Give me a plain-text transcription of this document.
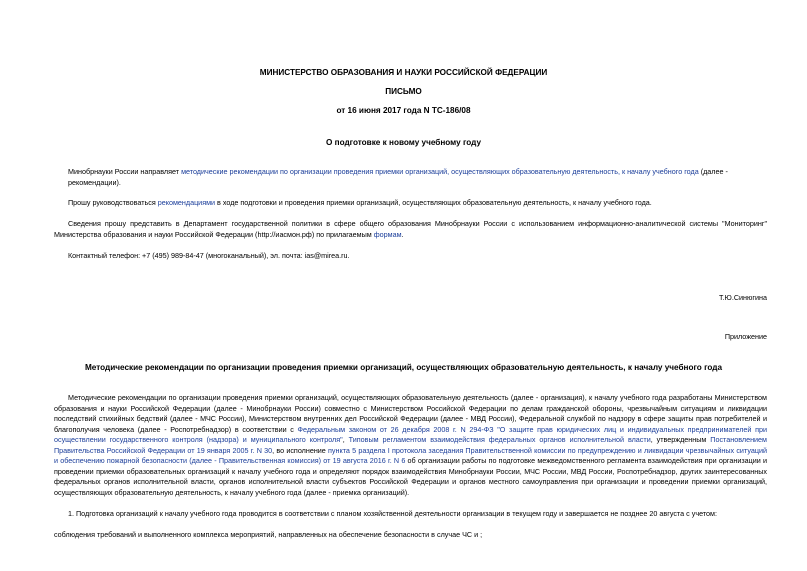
МИНИСТЕРСТВО ОБРАЗОВАНИЯ И НАУКИ РОССИЙСКОЙ ФЕДЕРАЦИИ
ПИСЬМО
от 16 июня 2017 года N ТС-186/08
О подготовке к новому учебному году

Минобрнауки России направляет методические рекомендации по организации проведения приемки организаций, осуществляющих образовательную деятельность, к началу учебного года (далее - рекомендации).

Прошу руководствоваться рекомендациями в ходе подготовки и проведения приемки организаций, осуществляющих образовательную деятельность, к началу учебного года.

Сведения прошу представить в Департамент государственной политики в сфере общего образования Минобрнауки России с использованием информационно-аналитической системы "Мониторинг" Министерства образования и науки Российской Федерации (http://иасмон.рф) по прилагаемым формам.

Контактный телефон: +7 (495) 989-84-47 (многоканальный), эл. почта: ias@mirea.ru.

Т.Ю.Синюгина
Приложение
Методические рекомендации по организации проведения приемки организаций, осуществляющих образовательную деятельность, к началу учебного года

Методические рекомендации по организации проведения приемки организаций, осуществляющих образовательную деятельность (далее - организация), к началу учебного года разработаны Министерством образования и науки Российской Федерации (далее - Минобрнауки России) совместно с Министерством Российской Федерации по делам гражданской обороны, чрезвычайным ситуациям и ликвидации последствий стихийных бедствий (далее - МЧС России), Министерством внутренних дел Российской Федерации (далее - МВД России), Федеральной службой по надзору в сфере защиты прав потребителей и благополучия человека (далее - Роспотребнадзор) в соответствии с Федеральным законом от 26 декабря 2008 г. N 294-ФЗ "О защите прав юридических лиц и индивидуальных предпринимателей при осуществлении государственного контроля (надзора) и муниципального контроля", Типовым регламентом взаимодействия федеральных органов исполнительной власти, утвержденным Постановлением Правительства Российской Федерации от 19 января 2005 г. N 30, во исполнение пункта 5 раздела I протокола заседания Правительственной комиссии по предупреждению и ликвидации чрезвычайных ситуаций и обеспечению пожарной безопасности (далее - Правительственная комиссия) от 19 августа 2016 г. N 6 об организации работы по подготовке межведомственного регламента взаимодействия при организации и проведении приемки образовательных организаций к началу учебного года и определяют порядок взаимодействия Минобрнауки России, МЧС России, МВД России, Роспотребнадзор, других заинтересованных федеральных органов исполнительной власти, органов исполнительной власти субъектов Российской Федерации и органов местного самоуправления при организации и проведении приемки организаций, осуществляющих образовательную деятельность, к началу учебного года (далее - приемка организаций).

1. Подготовка организаций к началу учебного года проводится в соответствии с планом хозяйственной деятельности организации в текущем году и завершается не позднее 20 августа с учетом:

соблюдения требований и выполненного комплекса мероприятий, направленных на обеспечение безопасности в случае ЧС и ;
